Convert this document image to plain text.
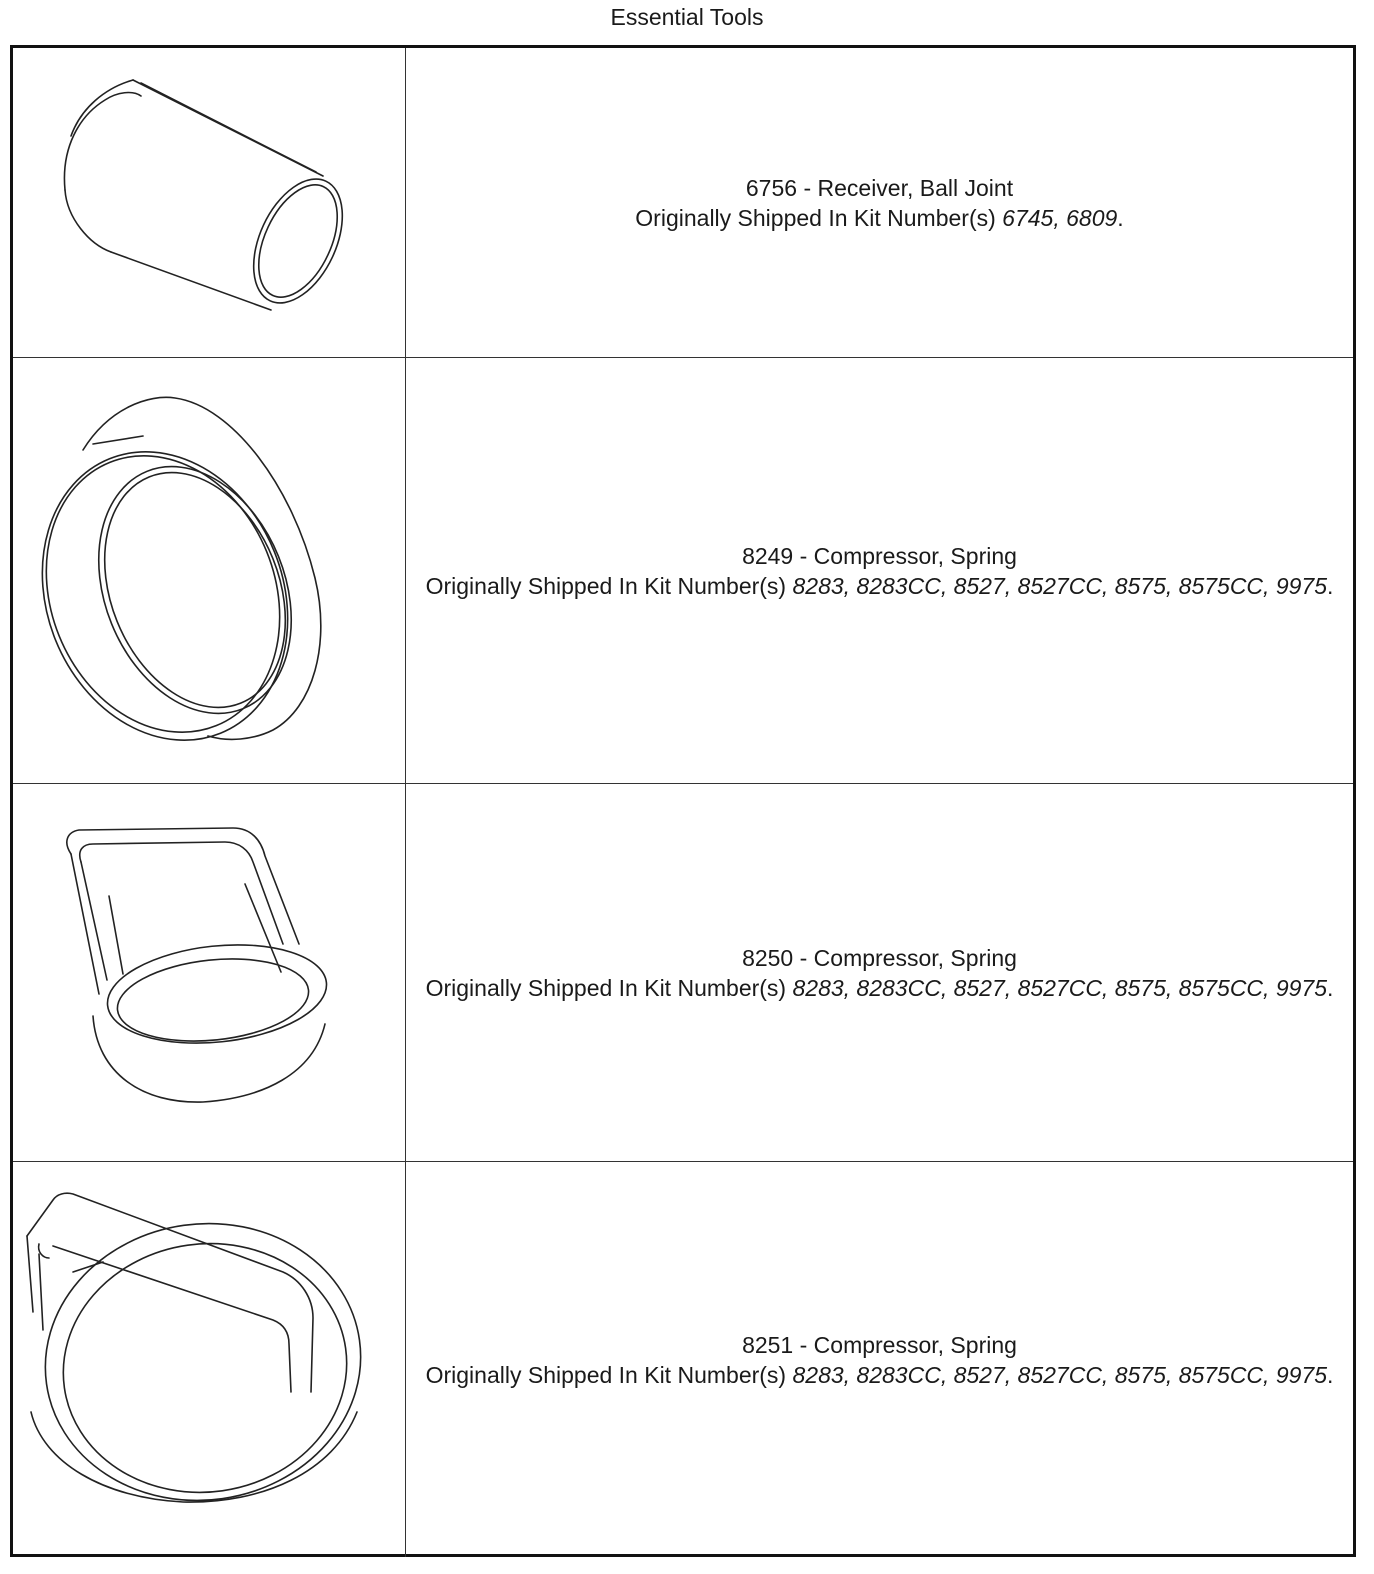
Essential Tools
6756 - Receiver, Ball Joint
Originally Shipped In Kit Number(s) 6745, 6809.
8249 - Compressor, Spring
Originally Shipped In Kit Number(s) 8283, 8283CC, 8527, 8527CC, 8575, 8575CC, 9975.
8250 - Compressor, Spring
Originally Shipped In Kit Number(s) 8283, 8283CC, 8527, 8527CC, 8575, 8575CC, 9975.
8251 - Compressor, Spring
Originally Shipped In Kit Number(s) 8283, 8283CC, 8527, 8527CC, 8575, 8575CC, 9975.
